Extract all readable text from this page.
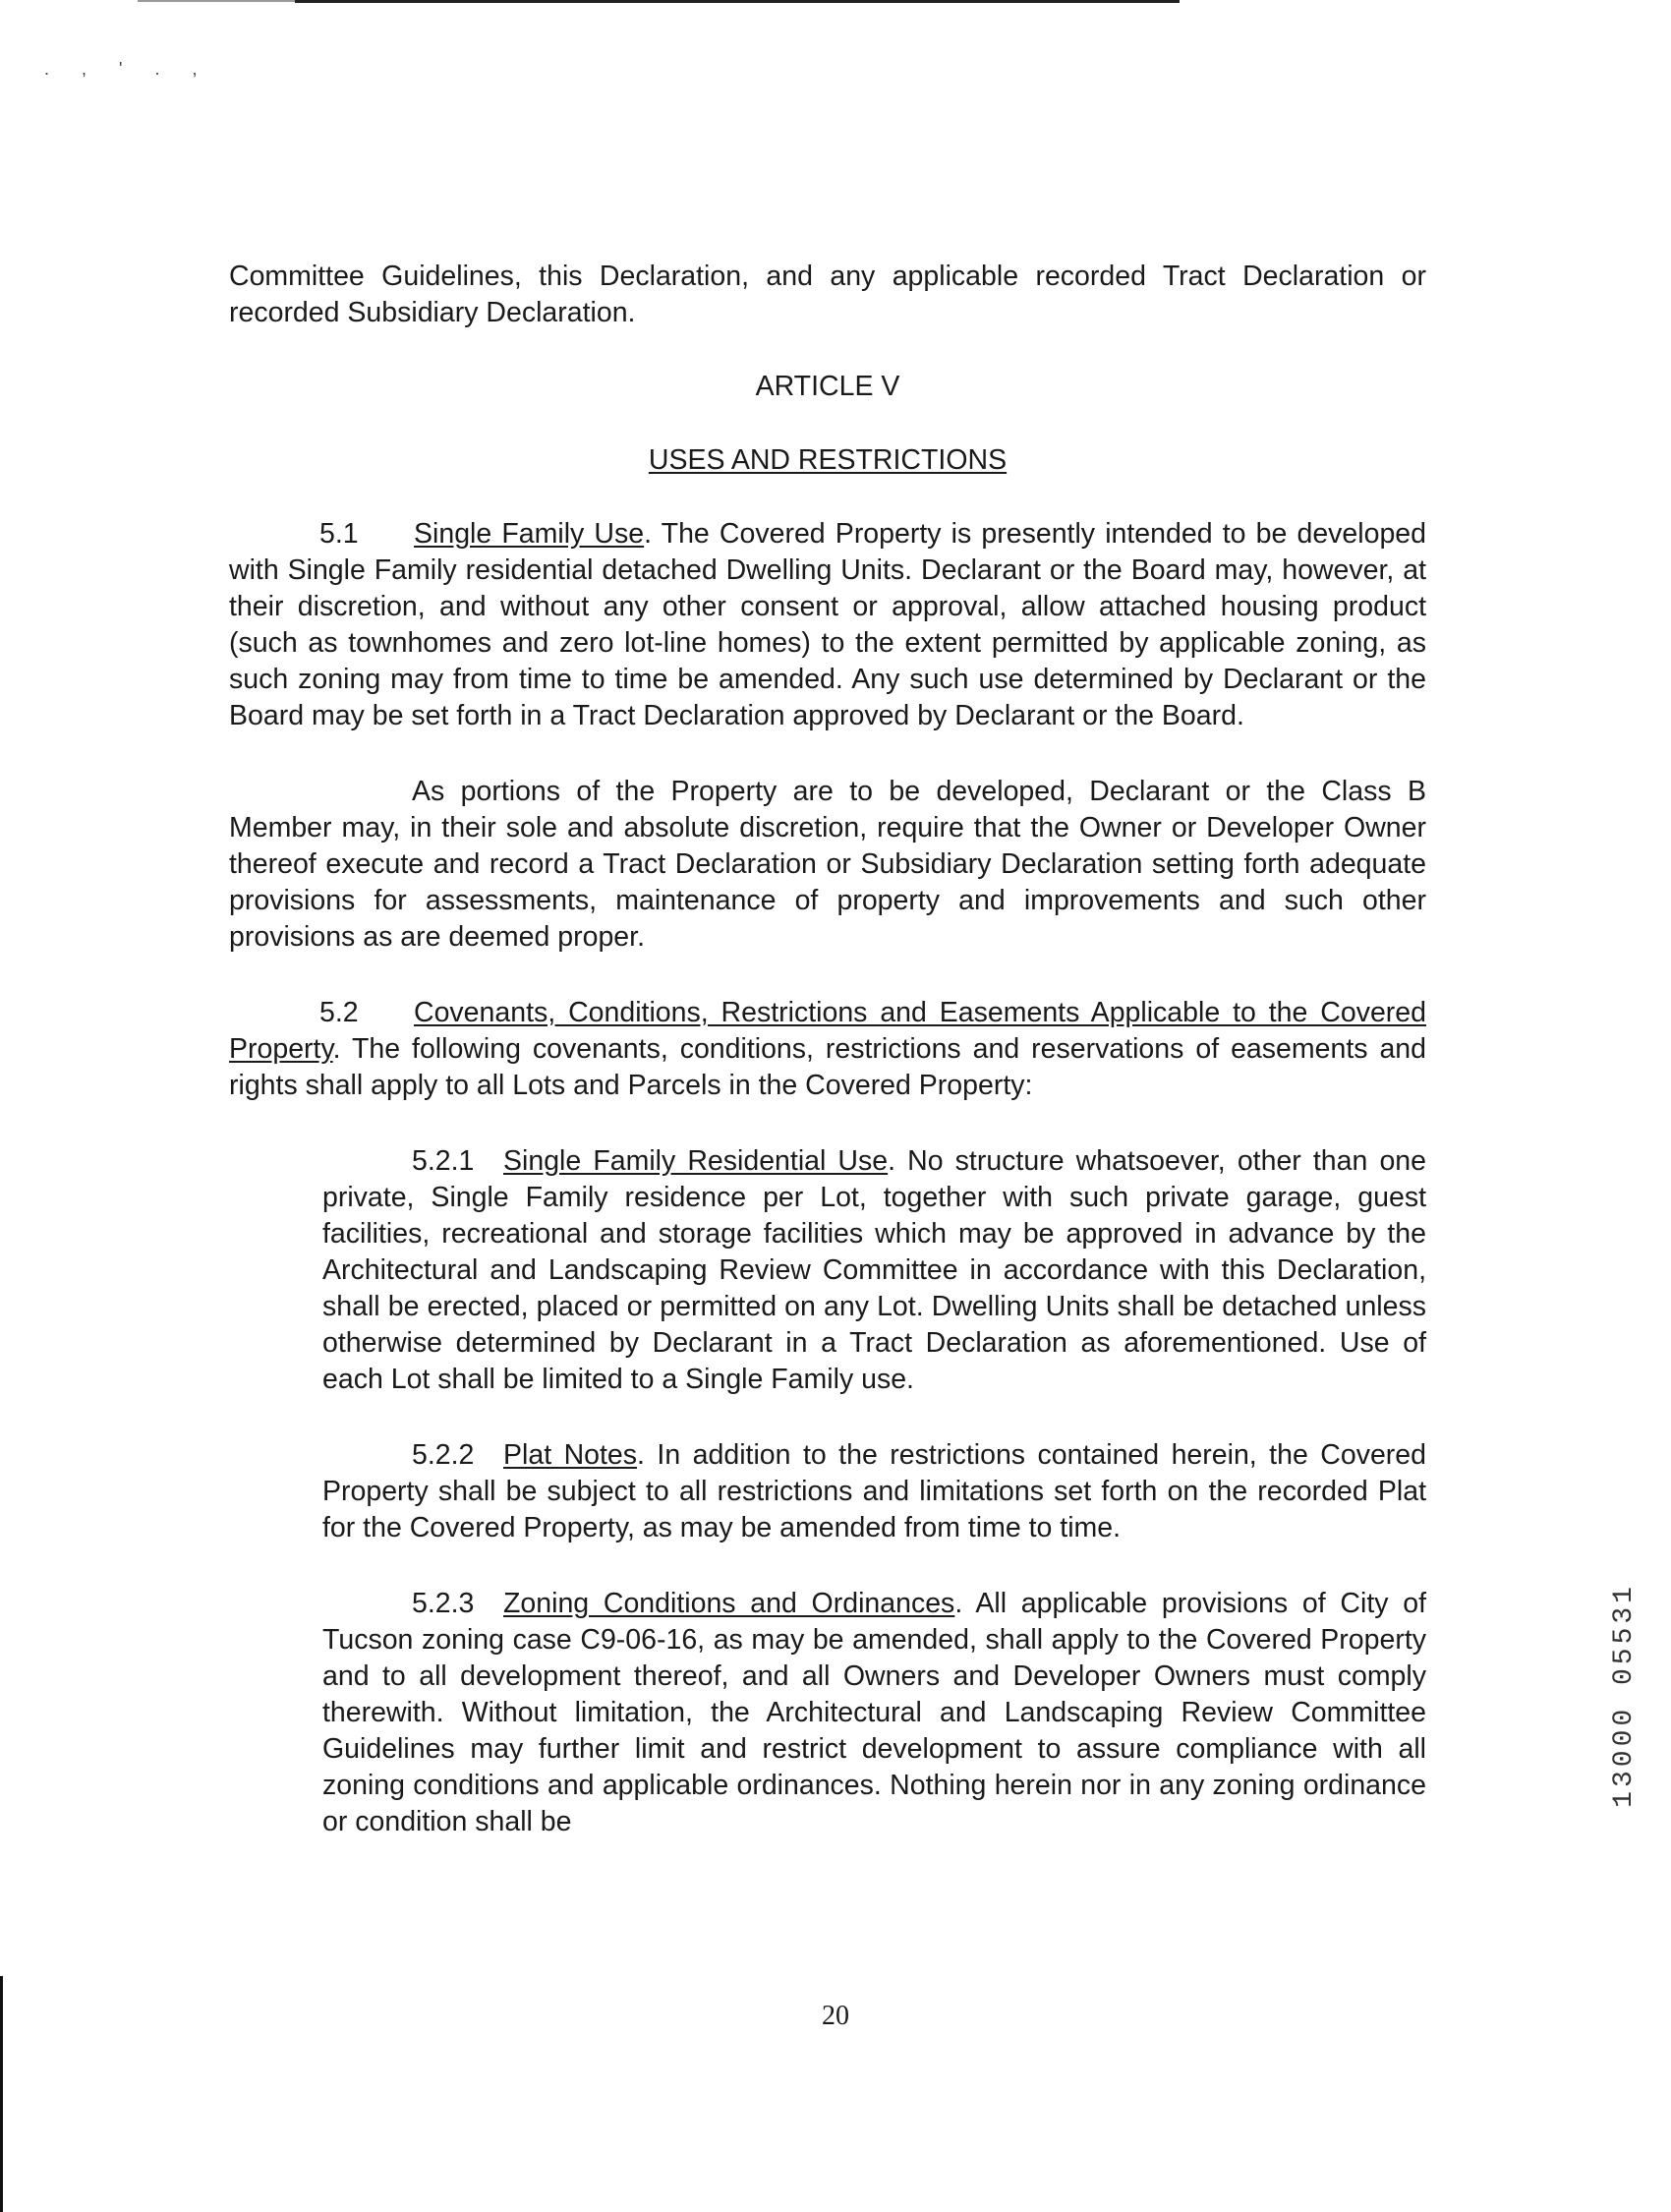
. , ' . ,

Committee Guidelines, this Declaration, and any applicable recorded Tract Declaration or recorded Subsidiary Declaration.

ARTICLE V
USES AND RESTRICTIONS

5.1 Single Family Use. The Covered Property is presently intended to be developed with Single Family residential detached Dwelling Units. Declarant or the Board may, however, at their discretion, and without any other consent or approval, allow attached housing product (such as townhomes and zero lot-line homes) to the extent permitted by applicable zoning, as such zoning may from time to time be amended. Any such use determined by Declarant or the Board may be set forth in a Tract Declaration approved by Declarant or the Board.

As portions of the Property are to be developed, Declarant or the Class B Member may, in their sole and absolute discretion, require that the Owner or Developer Owner thereof execute and record a Tract Declaration or Subsidiary Declaration setting forth adequate provisions for assessments, maintenance of property and improvements and such other provisions as are deemed proper.

5.2 Covenants, Conditions, Restrictions and Easements Applicable to the Covered Property. The following covenants, conditions, restrictions and reservations of easements and rights shall apply to all Lots and Parcels in the Covered Property:

5.2.1 Single Family Residential Use. No structure whatsoever, other than one private, Single Family residence per Lot, together with such private garage, guest facilities, recreational and storage facilities which may be approved in advance by the Architectural and Landscaping Review Committee in accordance with this Declaration, shall be erected, placed or permitted on any Lot. Dwelling Units shall be detached unless otherwise determined by Declarant in a Tract Declaration as aforementioned. Use of each Lot shall be limited to a Single Family use.

5.2.2 Plat Notes. In addition to the restrictions contained herein, the Covered Property shall be subject to all restrictions and limitations set forth on the recorded Plat for the Covered Property, as may be amended from time to time.

5.2.3 Zoning Conditions and Ordinances. All applicable provisions of City of Tucson zoning case C9-06-16, as may be amended, shall apply to the Covered Property and to all development thereof, and all Owners and Developer Owners must comply therewith. Without limitation, the Architectural and Landscaping Review Committee Guidelines may further limit and restrict development to assure compliance with all zoning conditions and applicable ordinances. Nothing herein nor in any zoning ordinance or condition shall be

20
13000 05531
